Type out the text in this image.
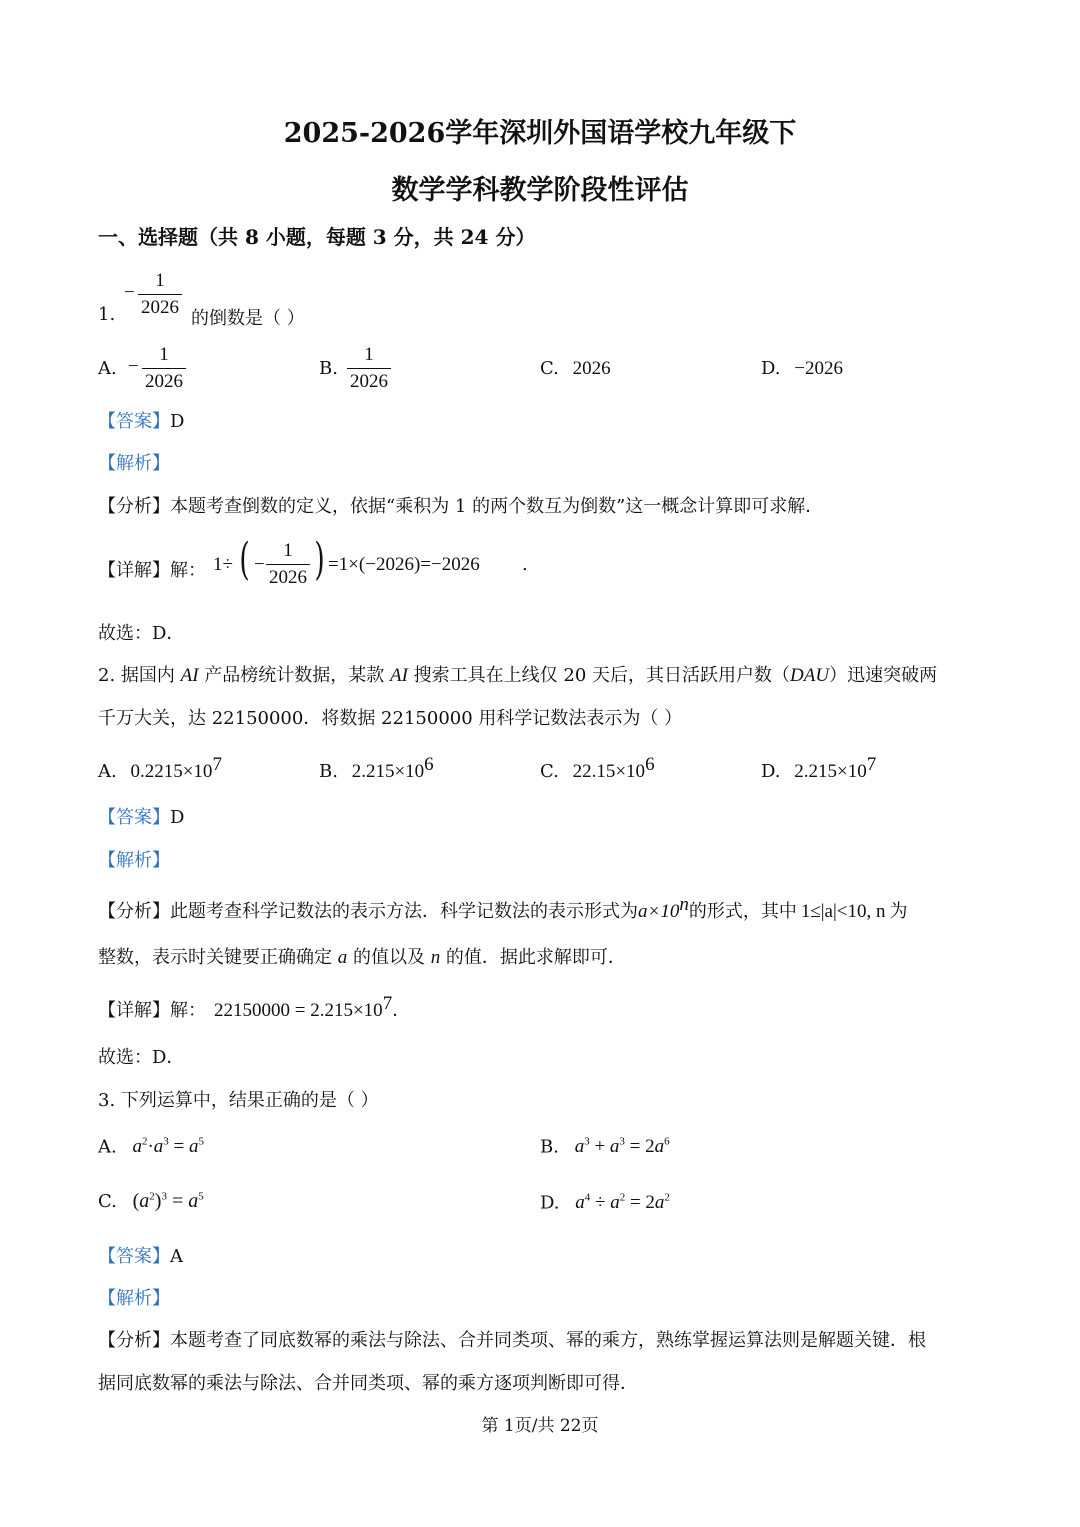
2025-2026学年深圳外国语学校九年级下
数学学科教学阶段性评估
一、选择题（共 8 小题，每题 3 分，共 24 分）
1.
− $\frac{1}{2026}$ 的倒数是（ ）
A. − $\frac{1}{2026}$	B. $\frac{1}{2026}$	C. 2026	D. −2026
【答案】D
【解析】
【分析】本题考查倒数的定义，依据“乘积为 1 的两个数互为倒数”这一概念计算即可求解．
【详解】解： 1÷ ( − $\frac{1}{2026}$ ) =1×(−2026)=−2026 .
故选：D．
2. 据国内 AI 产品榜统计数据，某款 AI 搜索工具在上线仅 20 天后，其日活跃用户数（DAU）迅速突破两
千万大关，达 22150000．将数据 22150000 用科学记数法表示为（ ）
A. $0.2215\times 10^7$	B. $2.215\times 10^6$	C. $22.15\times 10^6$	D. $2.215\times 10^7$
【答案】D
【解析】
【分析】此题考查科学记数法的表示方法．科学记数法的表示形式为$a\times 10^n$的形式，其中 1≤|a|<10, n 为
整数，表示时关键要正确确定 a 的值以及 n 的值．据此求解即可．
【详解】解： $22150000 = 2.215\times 10^7$．
故选：D．
3. 下列运算中，结果正确的是（ ）
A. $a^2\cdot a^3 = a^5$	B. $a^3 + a^3 = 2a^6$
C. $(a^2)^3 = a^5$	D. $a^4 \div a^2 = 2a^2$
【答案】A
【解析】
【分析】本题考查了同底数幂的乘法与除法、合并同类项、幂的乘方，熟练掌握运算法则是解题关键．根
据同底数幂的乘法与除法、合并同类项、幂的乘方逐项判断即可得．
第 1页/共 22页
